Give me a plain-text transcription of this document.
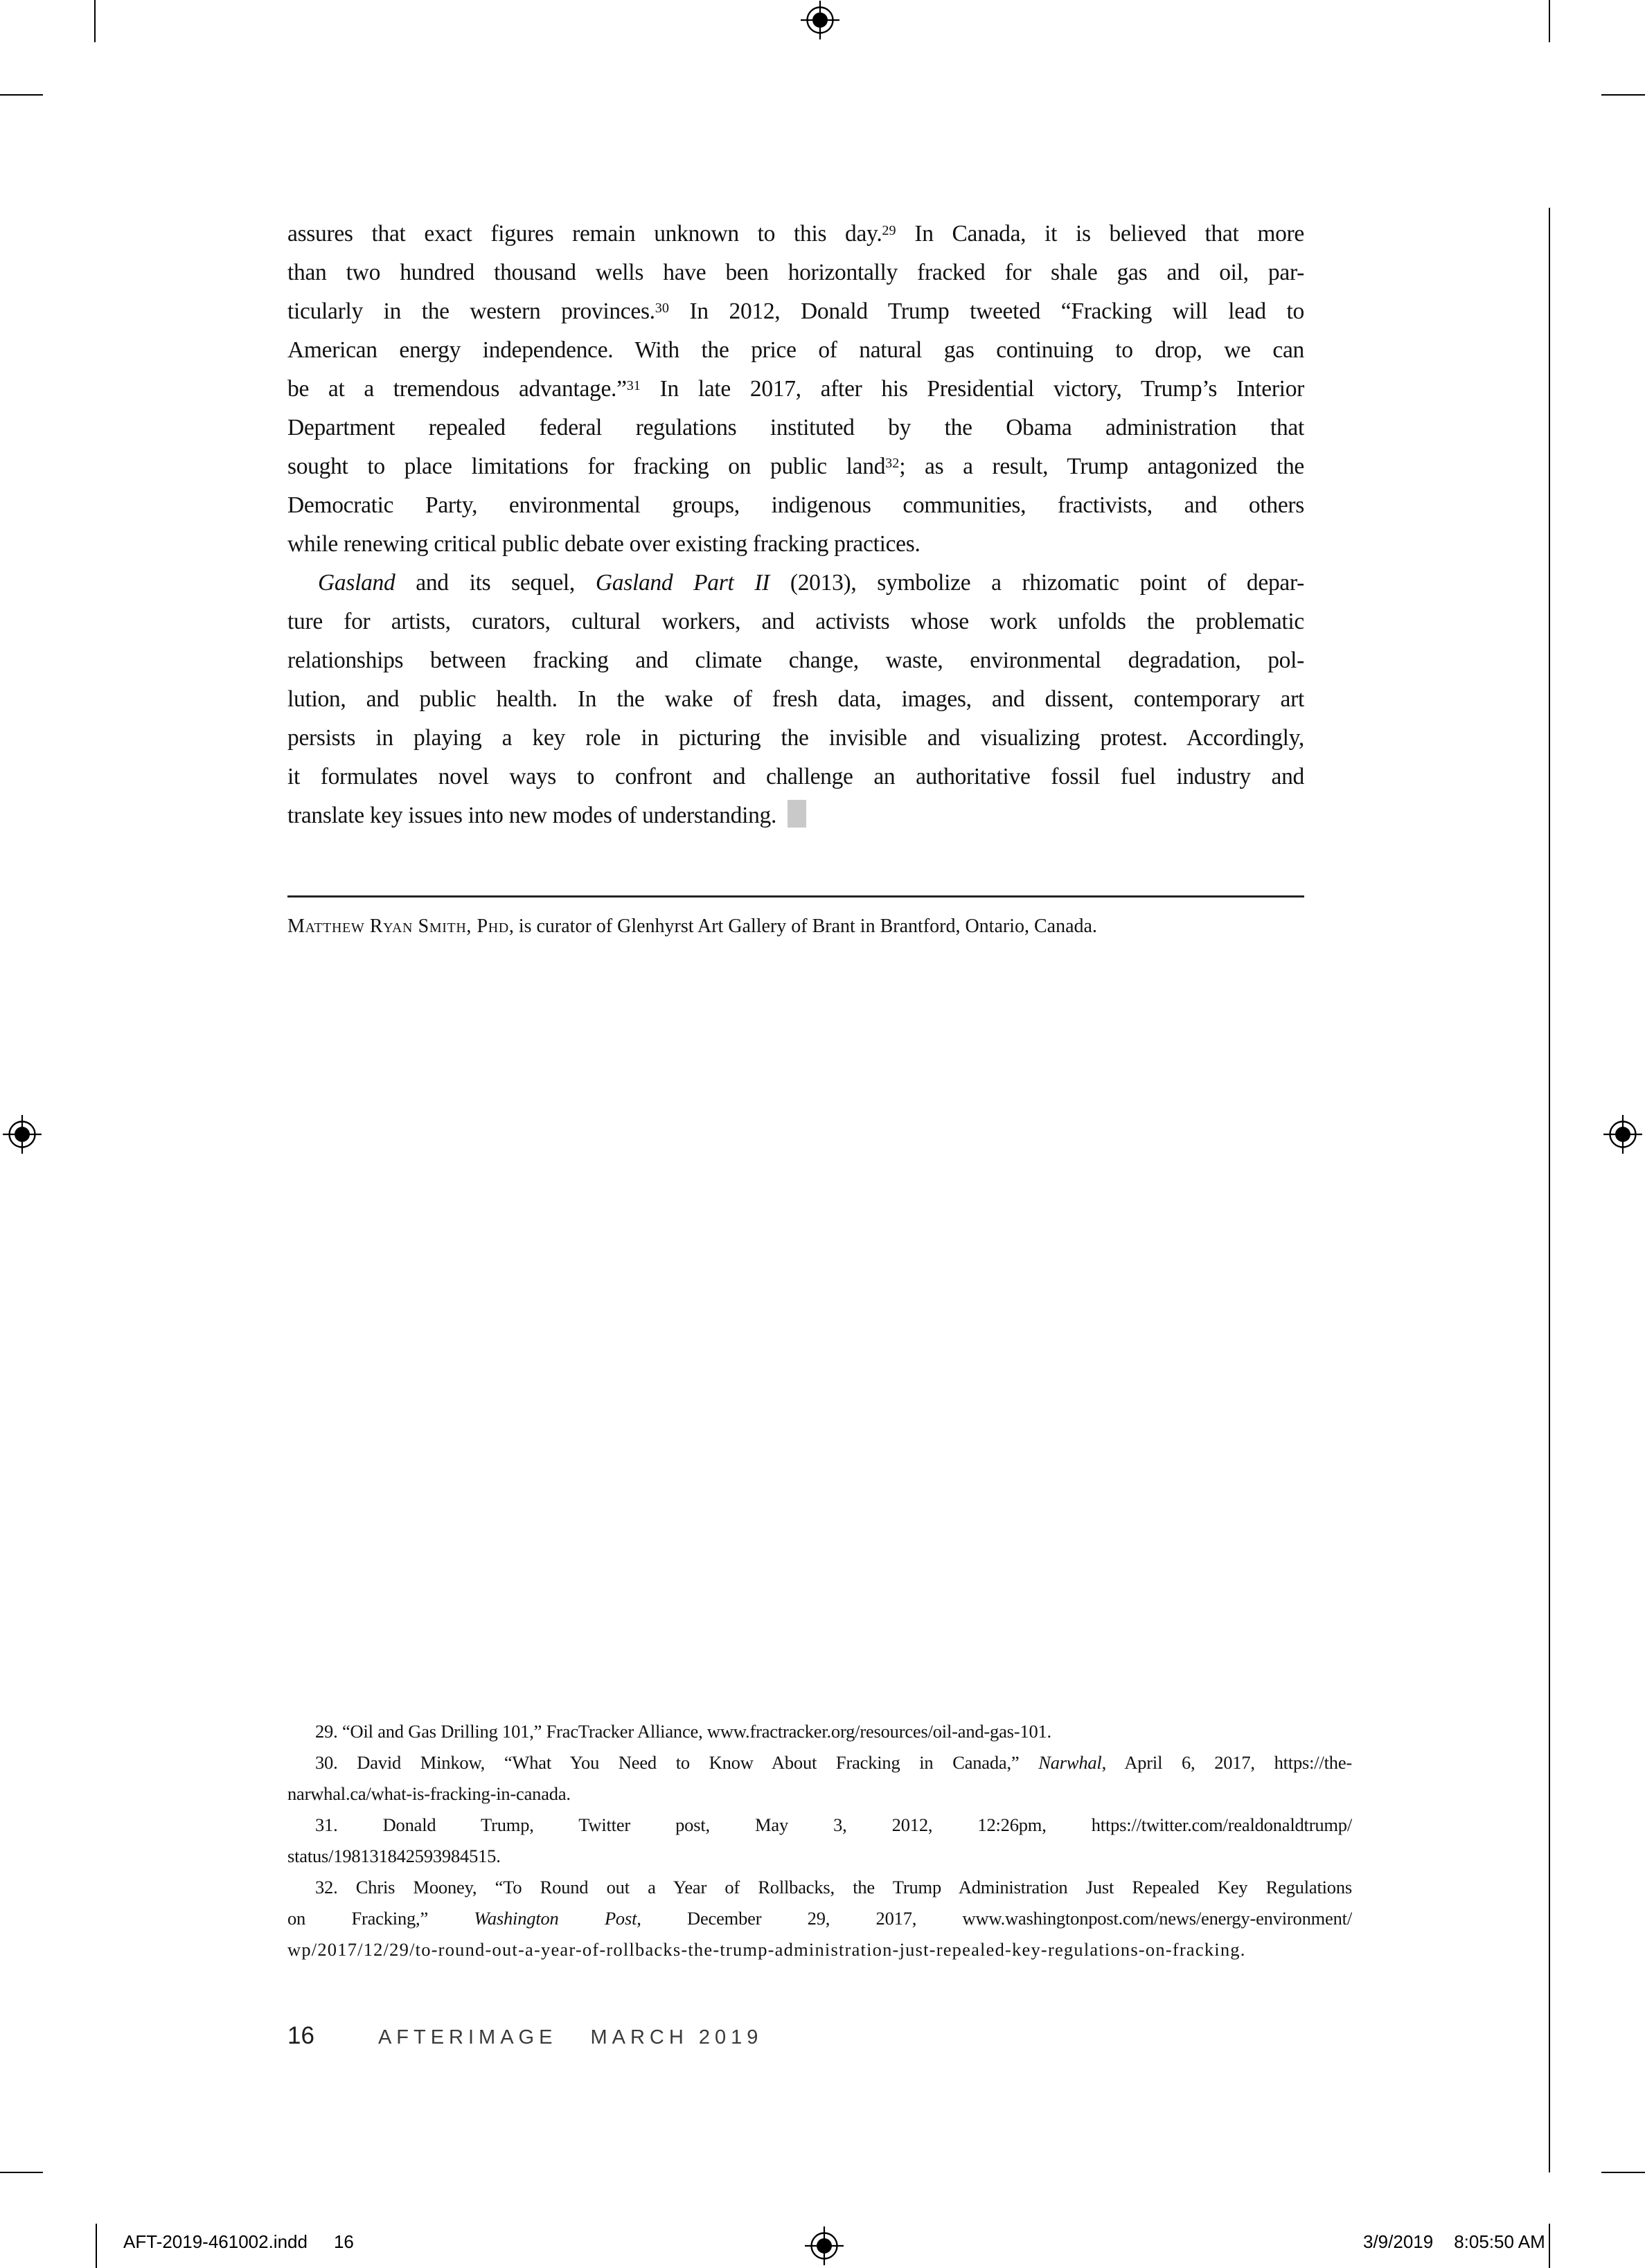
assures that exact figures remain unknown to this day.$^{29}$ In Canada, it is believed that more
than two hundred thousand wells have been horizontally fracked for shale gas and oil, par-
ticularly in the western provinces.$^{30}$ In 2012, Donald Trump tweeted “Fracking will lead to
American energy independence. With the price of natural gas continuing to drop, we can
be at a tremendous advantage.”$^{31}$ In late 2017, after his Presidential victory, Trump’s Interior
Department repealed federal regulations instituted by the Obama administration that
sought to place limitations for fracking on public land$^{32}$; as a result, Trump antagonized the
Democratic Party, environmental groups, indigenous communities, fractivists, and others
while renewing critical public debate over existing fracking practices.
Gasland and its sequel, Gasland Part II (2013), symbolize a rhizomatic point of depar-
ture for artists, curators, cultural workers, and activists whose work unfolds the problematic
relationships between fracking and climate change, waste, environmental degradation, pol-
lution, and public health. In the wake of fresh data, images, and dissent, contemporary art
persists in playing a key role in picturing the invisible and visualizing protest. Accordingly,
it formulates novel ways to confront and challenge an authoritative fossil fuel industry and
translate key issues into new modes of understanding.
Matthew Ryan Smith, Phd, is curator of Glenhyrst Art Gallery of Brant in Brantford, Ontario, Canada.
29. “Oil and Gas Drilling 101,” FracTracker Alliance, www.fractracker.org/resources/oil-and-gas-101.
30. David Minkow, “What You Need to Know About Fracking in Canada,” Narwhal, April 6, 2017, https://the-
narwhal.ca/what-is-fracking-in-canada.
31. Donald Trump, Twitter post, May 3, 2012, 12:26pm, https://twitter.com/realdonaldtrump/
status/198131842593984515.
32. Chris Mooney, “To Round out a Year of Rollbacks, the Trump Administration Just Repealed Key Regulations
on Fracking,” Washington Post, December 29, 2017, www.washingtonpost.com/news/energy-environment/
wp/2017/12/29/to-round-out-a-year-of-rollbacks-the-trump-administration-just-repealed-key-regulations-on-fracking.
16	AFTERIMAGE MARCH 2019
AFT-2019-461002.indd 16	3/9/2019 8:05:50 AM
